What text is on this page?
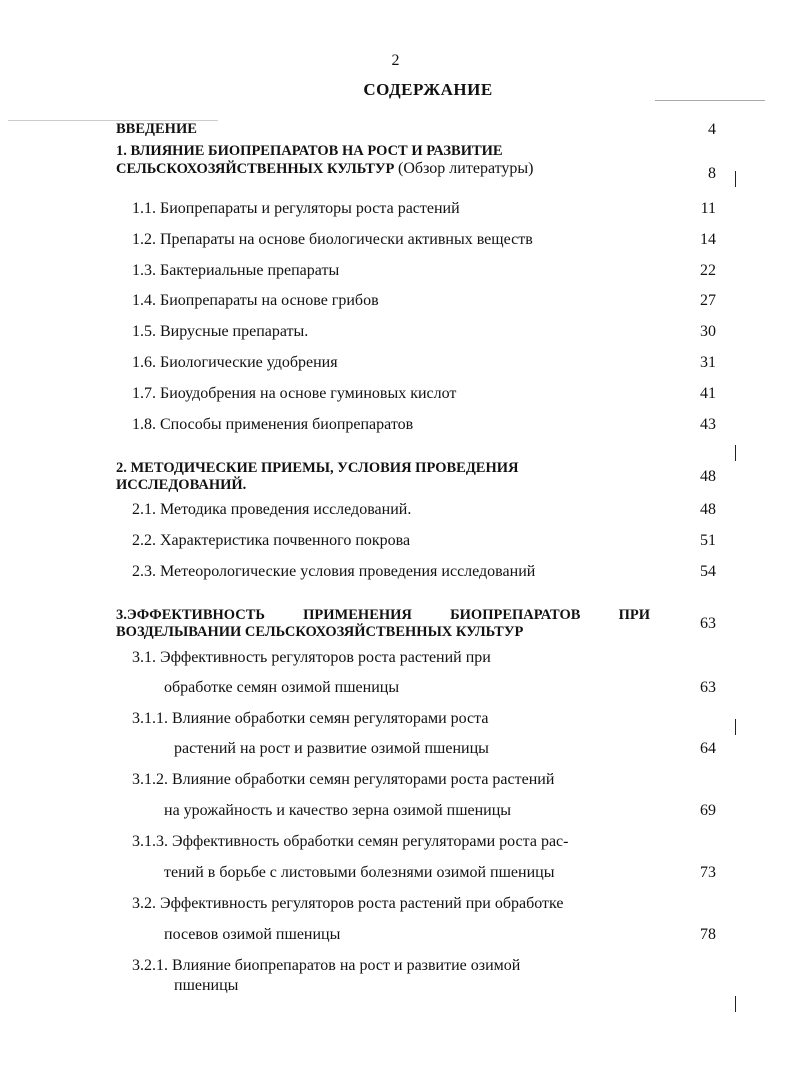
2
СОДЕРЖАНИЕ
ВВЕДЕНИЕ	4
1. ВЛИЯНИЕ БИОПРЕПАРАТОВ НА РОСТ И РАЗВИТИЕ
СЕЛЬСКОХОЗЯЙСТВЕННЫХ КУЛЬТУР (Обзор литературы)	8
1.1. Биопрепараты и регуляторы роста растений	11
1.2. Препараты на основе биологически активных веществ	14
1.3. Бактериальные препараты	22
1.4. Биопрепараты на основе грибов	27
1.5. Вирусные препараты.	30
1.6. Биологические удобрения	31
1.7. Биоудобрения на основе гуминовых кислот	41
1.8. Способы применения биопрепаратов	43
2. МЕТОДИЧЕСКИЕ ПРИЕМЫ, УСЛОВИЯ ПРОВЕДЕНИЯ
ИССЛЕДОВАНИЙ.	48
2.1. Методика проведения исследований.	48
2.2. Характеристика почвенного покрова	51
2.3. Метеорологические условия проведения исследований	54
3.ЭФФЕКТИВНОСТЬ ПРИМЕНЕНИЯ БИОПРЕПАРАТОВ ПРИ
ВОЗДЕЛЫВАНИИ СЕЛЬСКОХОЗЯЙСТВЕННЫХ КУЛЬТУР	63
3.1. Эффективность регуляторов роста растений при
обработке семян озимой пшеницы	63
3.1.1. Влияние обработки семян регуляторами роста
растений на рост и развитие озимой пшеницы	64
3.1.2. Влияние обработки семян регуляторами роста растений
на урожайность и качество зерна озимой пшеницы	69
3.1.3. Эффективность обработки семян регуляторами роста рас-
тений в борьбе с листовыми болезнями озимой пшеницы	73
3.2. Эффективность регуляторов роста растений при обработке
посевов озимой пшеницы	78
3.2.1. Влияние биопрепаратов на рост и развитие озимой
пшеницы
